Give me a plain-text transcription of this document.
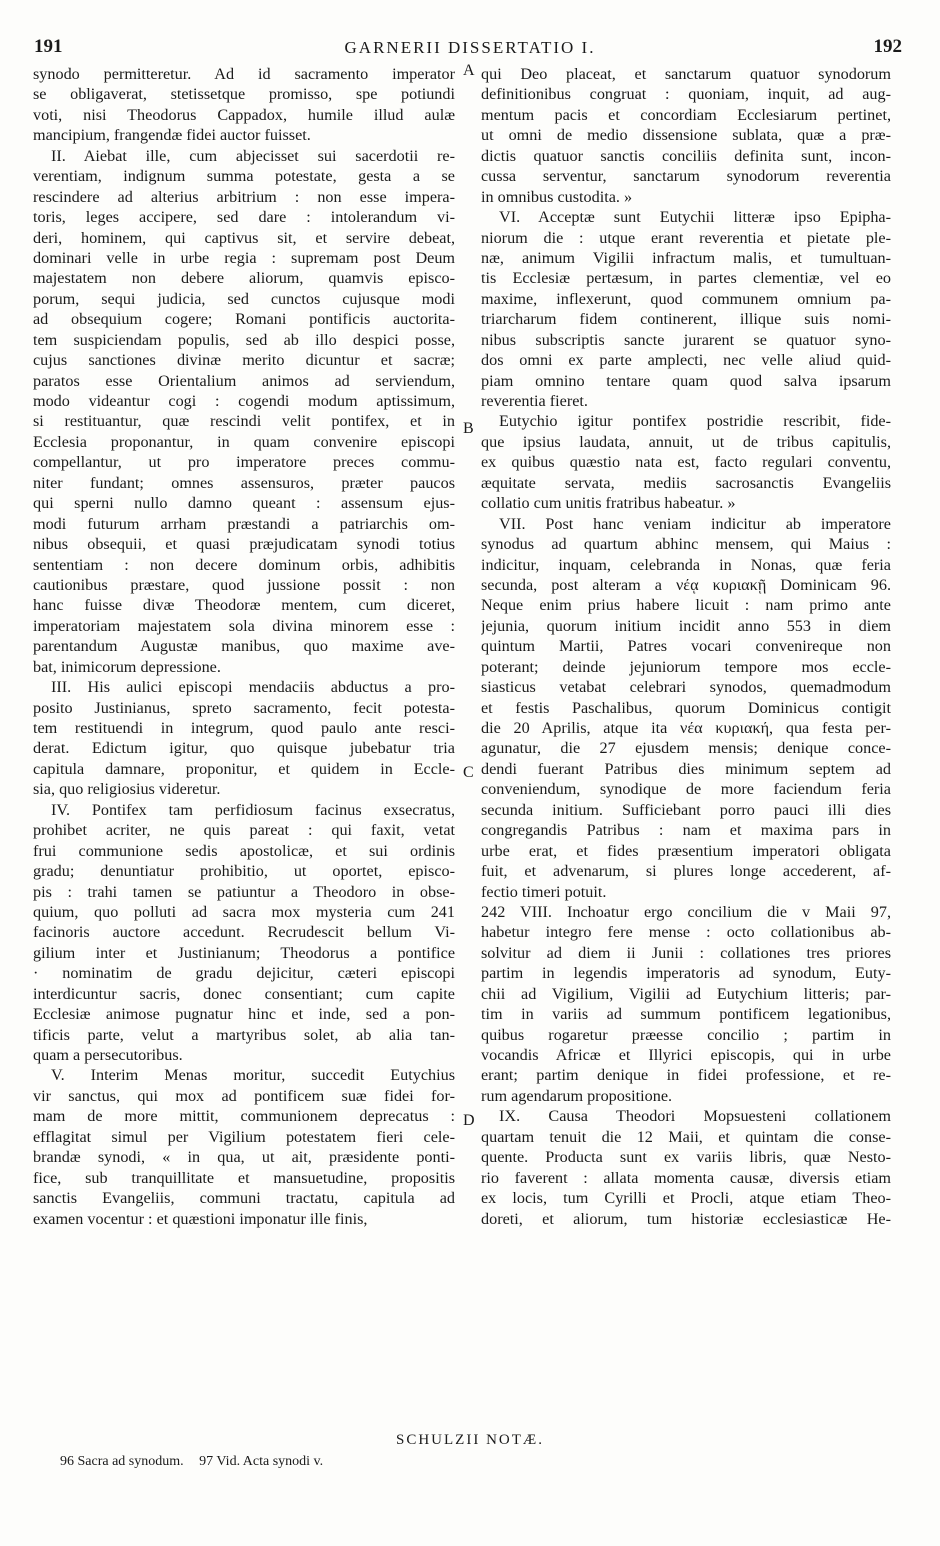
191	GARNERII DISSERTATIO I.	192
A
B
C
D
synodo permitteretur. Ad id sacramento imperator
se obligaverat, stetissetque promisso, spe potiundi
voti, nisi Theodorus Cappadox, humile illud aulæ
mancipium, frangendæ fidei auctor fuisset.
II. Aiebat ille, cum abjecisset sui sacerdotii re-
verentiam, indignum summa potestate, gesta a se
rescindere ad alterius arbitrium : non esse impera-
toris, leges accipere, sed dare : intolerandum vi-
deri, hominem, qui captivus sit, et servire debeat,
dominari velle in urbe regia : supremam post Deum
majestatem non debere aliorum, quamvis episco-
porum, sequi judicia, sed cunctos cujusque modi
ad obsequium cogere; Romani pontificis auctorita-
tem suspiciendam populis, sed ab illo despici posse,
cujus sanctiones divinæ merito dicuntur et sacræ;
paratos esse Orientalium animos ad serviendum,
modo videantur cogi : cogendi modum aptissimum,
si restituantur, quæ rescindi velit pontifex, et in
Ecclesia proponantur, in quam convenire episcopi
compellantur, ut pro imperatore preces commu-
niter fundant; omnes assensuros, præter paucos
qui sperni nullo damno queant : assensum ejus-
modi futurum arrham præstandi a patriarchis om-
nibus obsequii, et quasi præjudicatam synodi totius
sententiam : non decere dominum orbis, adhibitis
cautionibus præstare, quod jussione possit : non
hanc fuisse divæ Theodoræ mentem, cum diceret,
imperatoriam majestatem sola divina minorem esse :
parentandum Augustæ manibus, quo maxime ave-
bat, inimicorum depressione.
III. His aulici episcopi mendaciis abductus a pro-
posito Justinianus, spreto sacramento, fecit potesta-
tem restituendi in integrum, quod paulo ante resci-
derat. Edictum igitur, quo quisque jubebatur tria
capitula damnare, proponitur, et quidem in Eccle-
sia, quo religiosius videretur.
IV. Pontifex tam perfidiosum facinus exsecratus,
prohibet acriter, ne quis pareat : qui faxit, vetat
frui communione sedis apostolicæ, et sui ordinis
gradu; denuntiatur prohibitio, ut oportet, episco-
pis : trahi tamen se patiuntur a Theodoro in obse-
quium, quo polluti ad sacra mox mysteria cum 241
facinoris auctore accedunt. Recrudescit bellum Vi-
gilium inter et Justinianum; Theodorus a pontifice
· nominatim de gradu dejicitur, cæteri episcopi
interdicuntur sacris, donec consentiant; cum capite
Ecclesiæ animose pugnatur hinc et inde, sed a pon-
tificis parte, velut a martyribus solet, ab alia tan-
quam a persecutoribus.
V. Interim Menas moritur, succedit Eutychius
vir sanctus, qui mox ad pontificem suæ fidei for-
mam de more mittit, communionem deprecatus :
efflagitat simul per Vigilium potestatem fieri cele-
brandæ synodi, « in qua, ut ait, præsidente ponti-
fice, sub tranquillitate et mansuetudine, propositis
sanctis Evangeliis, communi tractatu, capitula ad
examen vocentur : et quæstioni imponatur ille finis,
qui Deo placeat, et sanctarum quatuor synodorum
definitionibus congruat : quoniam, inquit, ad aug-
mentum pacis et concordiam Ecclesiarum pertinet,
ut omni de medio dissensione sublata, quæ a præ-
dictis quatuor sanctis conciliis definita sunt, incon-
cussa serventur, sanctarum synodorum reverentia
in omnibus custodita. »
VI. Acceptæ sunt Eutychii litteræ ipso Epipha-
niorum die : utque erant reverentia et pietate ple-
næ, animum Vigilii infractum malis, et tumultuan-
tis Ecclesiæ pertæsum, in partes clementiæ, vel eo
maxime, inflexerunt, quod communem omnium pa-
triarcharum fidem continerent, illique suis nomi-
nibus subscriptis sancte jurarent se quatuor syno-
dos omni ex parte amplecti, nec velle aliud quid-
piam omnino tentare quam quod salva ipsarum
reverentia fieret.
Eutychio igitur pontifex postridie rescribit, fide-
que ipsius laudata, annuit, ut de tribus capitulis,
ex quibus quæstio nata est, facto regulari conventu,
æquitate servata, mediis sacrosanctis Evangeliis
collatio cum unitis fratribus habeatur. »
VII. Post hanc veniam indicitur ab imperatore
synodus ad quartum abhinc mensem, qui Maius :
indicitur, inquam, celebranda in Nonas, quæ feria
secunda, post alteram a νέᾳ κυριακῇ Dominicam 96.
Neque enim prius habere licuit : nam primo ante
jejunia, quorum initium incidit anno 553 in diem
quintum Martii, Patres vocari convenireque non
poterant; deinde jejuniorum tempore mos eccle-
siasticus vetabat celebrari synodos, quemadmodum
et festis Paschalibus, quorum Dominicus contigit
die 20 Aprilis, atque ita νέα κυριακή, qua festa per-
agunatur, die 27 ejusdem mensis; denique conce-
dendi fuerant Patribus dies minimum septem ad
conveniendum, synodique de more faciendum feria
secunda initium. Sufficiebant porro pauci illi dies
congregandis Patribus : nam et maxima pars in
urbe erat, et fides præsentium imperatori obligata
fuit, et advenarum, si plures longe accederent, af-
fectio timeri potuit.
242 VIII. Inchoatur ergo concilium die v Maii 97,
habetur integro fere mense : octo collationibus ab-
solvitur ad diem ii Junii : collationes tres priores
partim in legendis imperatoris ad synodum, Euty-
chii ad Vigilium, Vigilii ad Eutychium litteris; par-
tim in variis ad summum pontificem legationibus,
quibus rogaretur præesse concilio ; partim in
vocandis Africæ et Illyrici episcopis, qui in urbe
erant; partim denique in fidei professione, et re-
rum agendarum propositione.
IX. Causa Theodori Mopsuesteni collationem
quartam tenuit die 12 Maii, et quintam die conse-
quente. Producta sunt ex variis libris, quæ Nesto-
rio faverent : allata momenta causæ, diversis etiam
ex locis, tum Cyrilli et Procli, atque etiam Theo-
doreti, et aliorum, tum historiæ ecclesiasticæ He-
SCHULZII NOTÆ.
96 Sacra ad synodum. 97 Vid. Acta synodi v.
